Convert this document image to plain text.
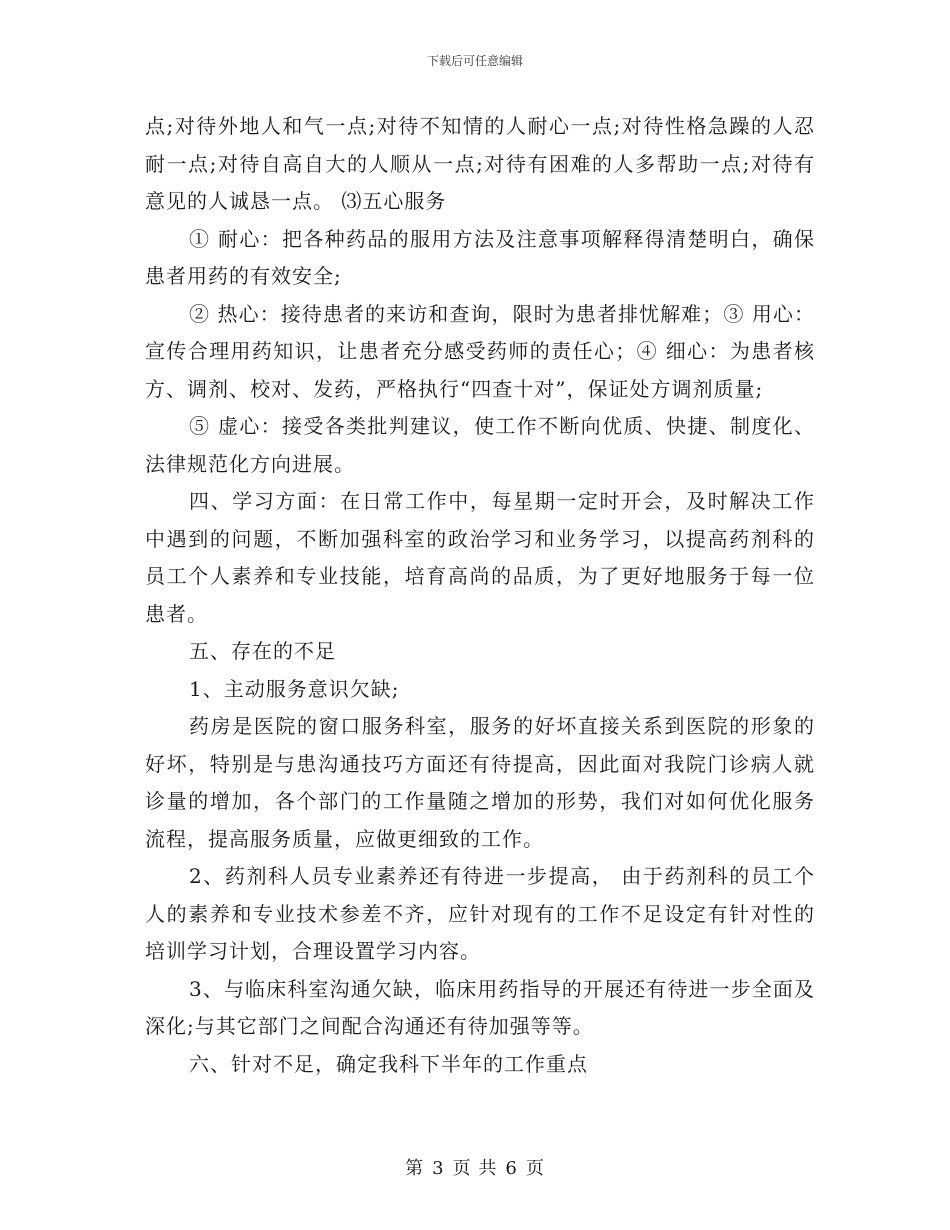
下载后可任意编辑

点;对待外地人和气一点;对待不知情的人耐心一点;对待性格急躁的人忍耐一点;对待自高自大的人顺从一点;对待有困难的人多帮助一点;对待有意见的人诚恳一点。 ⑶五心服务

① 耐心：把各种药品的服用方法及注意事项解释得清楚明白，确保患者用药的有效安全;

② 热心：接待患者的来访和查询，限时为患者排忧解难；③ 用心：宣传合理用药知识，让患者充分感受药师的责任心；④ 细心：为患者核方、调剂、校对、发药，严格执行“四查十对”，保证处方调剂质量;

⑤ 虚心：接受各类批判建议，使工作不断向优质、快捷、制度化、法律规范化方向进展。

四、学习方面：在日常工作中，每星期一定时开会，及时解决工作中遇到的问题，不断加强科室的政治学习和业务学习，以提高药剂科的员工个人素养和专业技能，培育高尚的品质，为了更好地服务于每一位患者。

五、存在的不足

1、主动服务意识欠缺;

药房是医院的窗口服务科室，服务的好坏直接关系到医院的形象的好坏，特别是与患沟通技巧方面还有待提高，因此面对我院门诊病人就诊量的增加，各个部门的工作量随之增加的形势，我们对如何优化服务流程，提高服务质量，应做更细致的工作。

2、药剂科人员专业素养还有待进一步提高， 由于药剂科的员工个人的素养和专业技术参差不齐，应针对现有的工作不足设定有针对性的培训学习计划，合理设置学习内容。

3、与临床科室沟通欠缺，临床用药指导的开展还有待进一步全面及深化;与其它部门之间配合沟通还有待加强等等。

六、针对不足，确定我科下半年的工作重点

第 3 页 共 6 页
